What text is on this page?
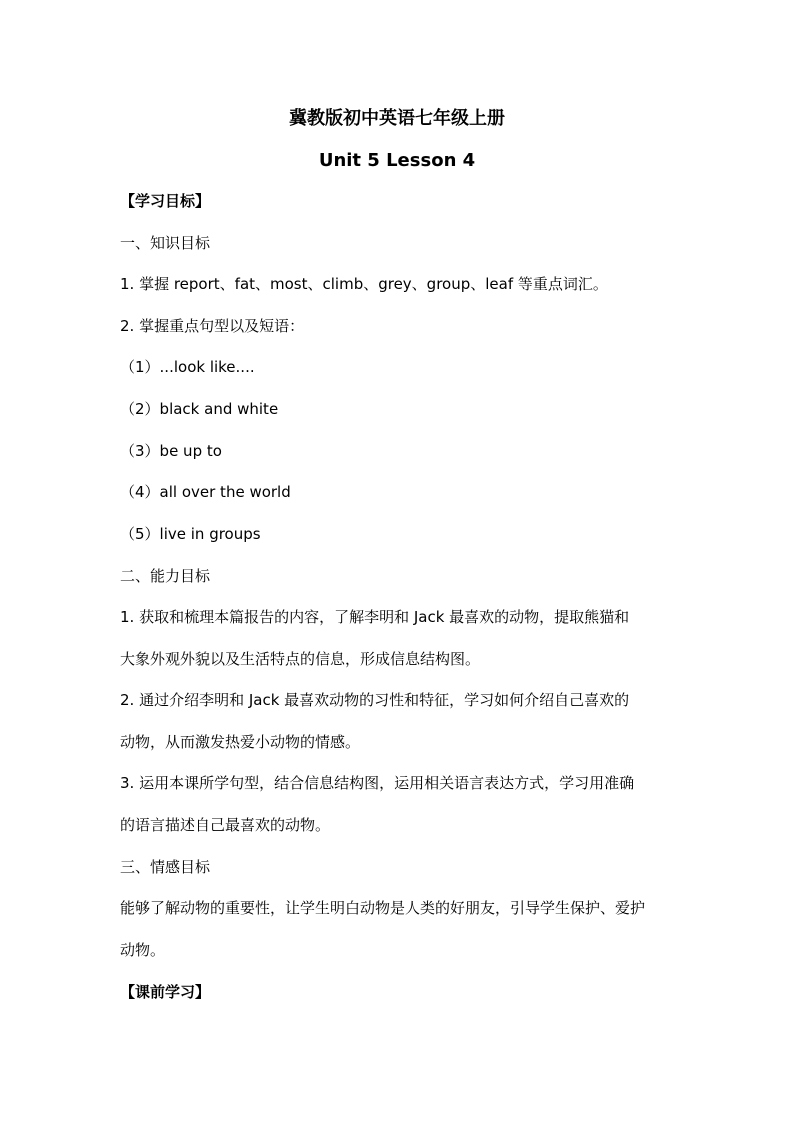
冀教版初中英语七年级上册
Unit 5 Lesson 4
【学习目标】
一、知识目标
1. 掌握 report、fat、most、climb、grey、group、leaf 等重点词汇。
2. 掌握重点句型以及短语：
（1）...look like....
（2）black and white
（3）be up to
（4）all over the world
（5）live in groups
二、能力目标
1. 获取和梳理本篇报告的内容，了解李明和 Jack 最喜欢的动物，提取熊猫和
大象外观外貌以及生活特点的信息，形成信息结构图。
2. 通过介绍李明和 Jack 最喜欢动物的习性和特征，学习如何介绍自己喜欢的
动物，从而激发热爱小动物的情感。
3. 运用本课所学句型，结合信息结构图，运用相关语言表达方式，学习用准确
的语言描述自己最喜欢的动物。
三、情感目标
能够了解动物的重要性，让学生明白动物是人类的好朋友，引导学生保护、爱护
动物。
【课前学习】
